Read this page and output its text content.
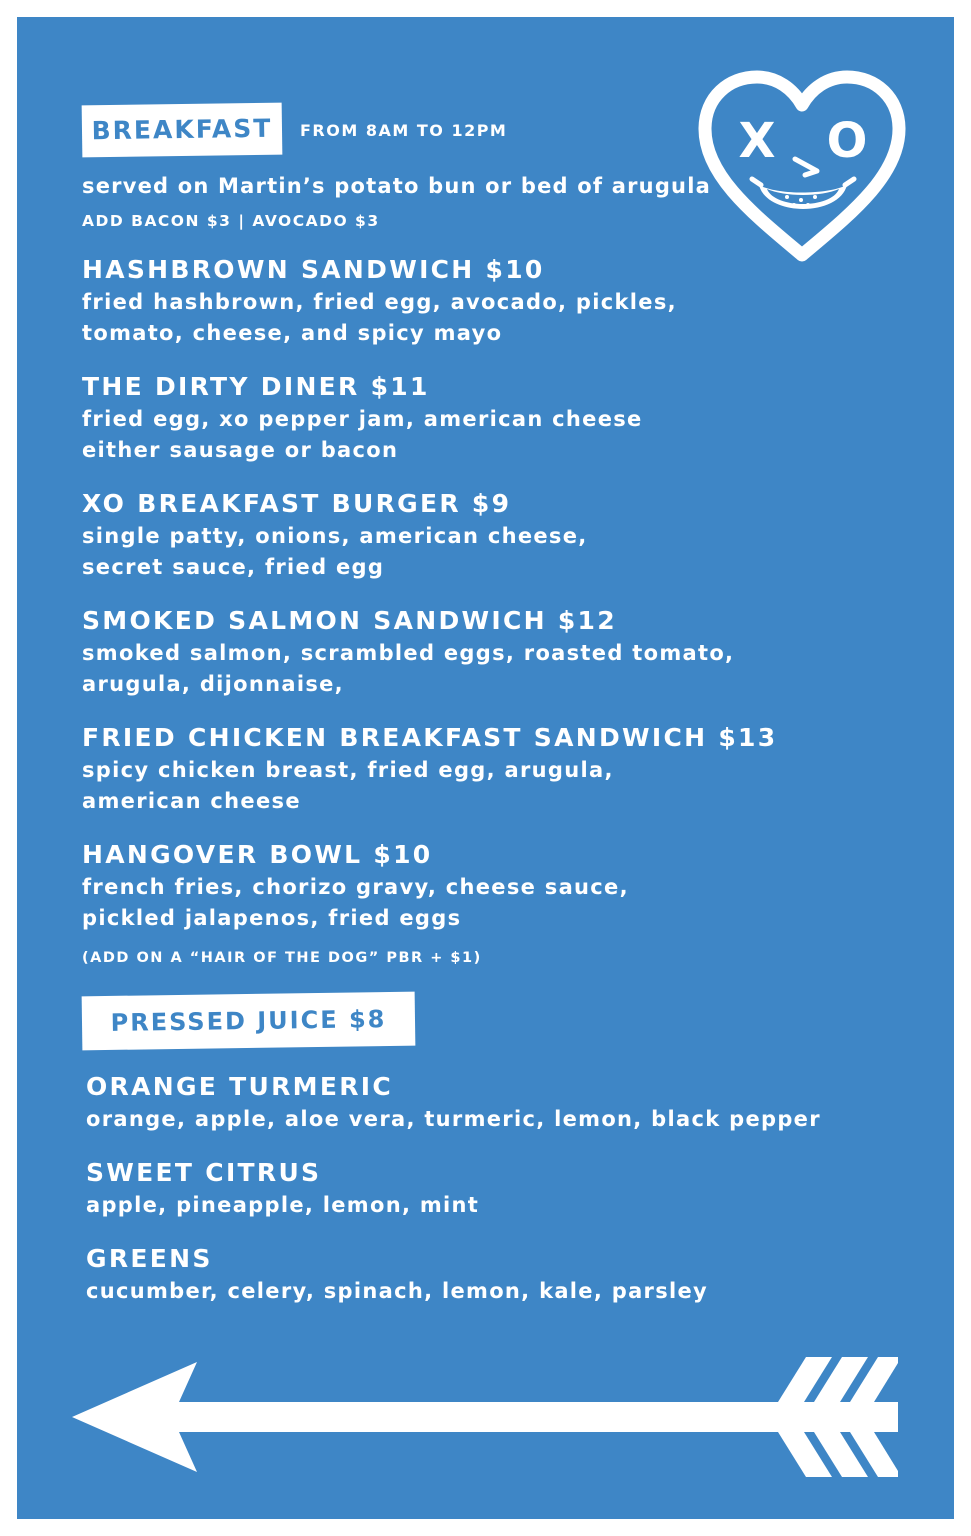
BREAKFAST	FROM 8AM TO 12PM
served on Martin’s potato bun or bed of arugula
ADD BACON $3 | AVOCADO $3
HASHBROWN SANDWICH $10
fried hashbrown, fried egg, avocado, pickles,
tomato, cheese, and spicy mayo
THE DIRTY DINER $11
fried egg, xo pepper jam, american cheese
either sausage or bacon
XO BREAKFAST BURGER $9
single patty, onions, american cheese,
secret sauce, fried egg
SMOKED SALMON SANDWICH $12
smoked salmon, scrambled eggs, roasted tomato,
arugula, dijonnaise,
FRIED CHICKEN BREAKFAST SANDWICH $13
spicy chicken breast, fried egg, arugula,
american cheese
HANGOVER BOWL $10
french fries, chorizo gravy, cheese sauce,
pickled jalapenos, fried eggs
(ADD ON A “HAIR OF THE DOG” PBR + $1)
PRESSED JUICE $8
ORANGE TURMERIC
orange, apple, aloe vera, turmeric, lemon, black pepper
SWEET CITRUS
apple, pineapple, lemon, mint
GREENS
cucumber, celery, spinach, lemon, kale, parsley
X O
